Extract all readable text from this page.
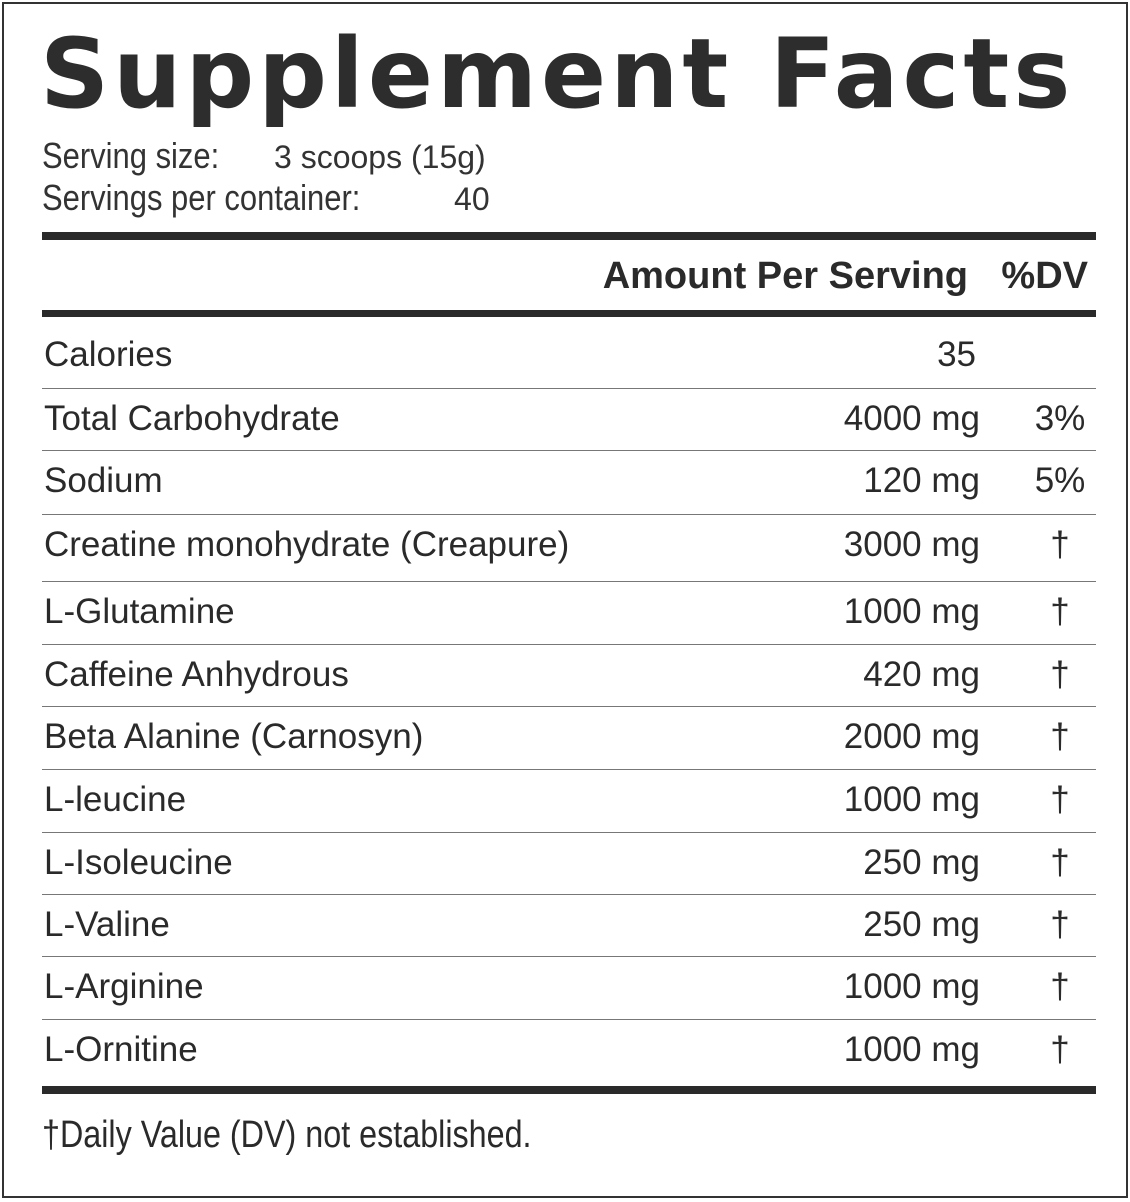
Supplement Facts
Serving size: 3 scoops (15g)
Servings per container:	40
Amount Per Serving %DV
Calories	35
Total Carbohydrate	4000 mg	3%
Sodium	120 mg	5%
Creatine monohydrate (Creapure)	3000 mg	†
L-Glutamine	1000 mg	†
Caffeine Anhydrous	420 mg	†
Beta Alanine (Carnosyn)	2000 mg	†
L-leucine	1000 mg	†
L-Isoleucine	250 mg	†
L-Valine	250 mg	†
L-Arginine	1000 mg	†
L-Ornitine	1000 mg	†
†Daily Value (DV) not established.
